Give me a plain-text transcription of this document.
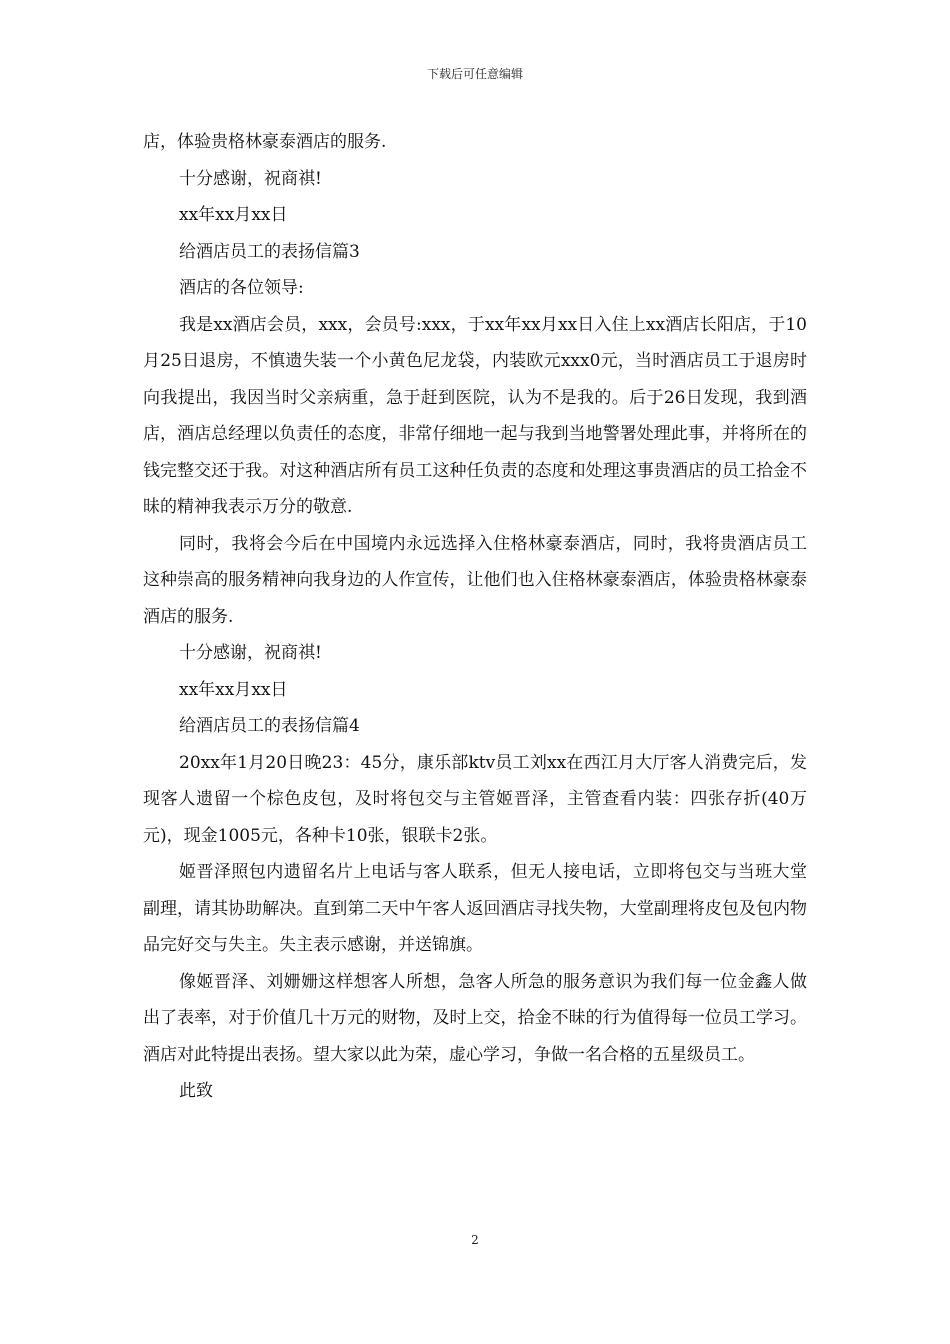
下载后可任意编辑

店，体验贵格林豪泰酒店的服务.

十分感谢，祝商祺!

xx年xx月xx日

给酒店员工的表扬信篇3

酒店的各位领导:

我是xx酒店会员，xxx，会员号:xxx，于xx年xx月xx日入住上xx酒店长阳店，于10月25日退房，不慎遗失装一个小黄色尼龙袋，内装欧元xxx0元，当时酒店员工于退房时向我提出，我因当时父亲病重，急于赶到医院，认为不是我的。后于26日发现，我到酒店，酒店总经理以负责任的态度，非常仔细地一起与我到当地警署处理此事，并将所在的钱完整交还于我。对这种酒店所有员工这种任负责的态度和处理这事贵酒店的员工拾金不昧的精神我表示万分的敬意.

同时，我将会今后在中国境内永远选择入住格林豪泰酒店，同时，我将贵酒店员工这种崇高的服务精神向我身边的人作宣传，让他们也入住格林豪泰酒店，体验贵格林豪泰酒店的服务.

十分感谢，祝商祺!

xx年xx月xx日

给酒店员工的表扬信篇4

20xx年1月20日晚23：45分，康乐部ktv员工刘xx在西江月大厅客人消费完后，发现客人遗留一个棕色皮包，及时将包交与主管姬晋泽，主管查看内装：四张存折(40万元)，现金1005元，各种卡10张，银联卡2张。

姬晋泽照包内遗留名片上电话与客人联系，但无人接电话，立即将包交与当班大堂副理，请其协助解决。直到第二天中午客人返回酒店寻找失物，大堂副理将皮包及包内物品完好交与失主。失主表示感谢，并送锦旗。

像姬晋泽、刘姗姗这样想客人所想，急客人所急的服务意识为我们每一位金鑫人做出了表率，对于价值几十万元的财物，及时上交，拾金不昧的行为值得每一位员工学习。酒店对此特提出表扬。望大家以此为荣，虚心学习，争做一名合格的五星级员工。

此致

2
